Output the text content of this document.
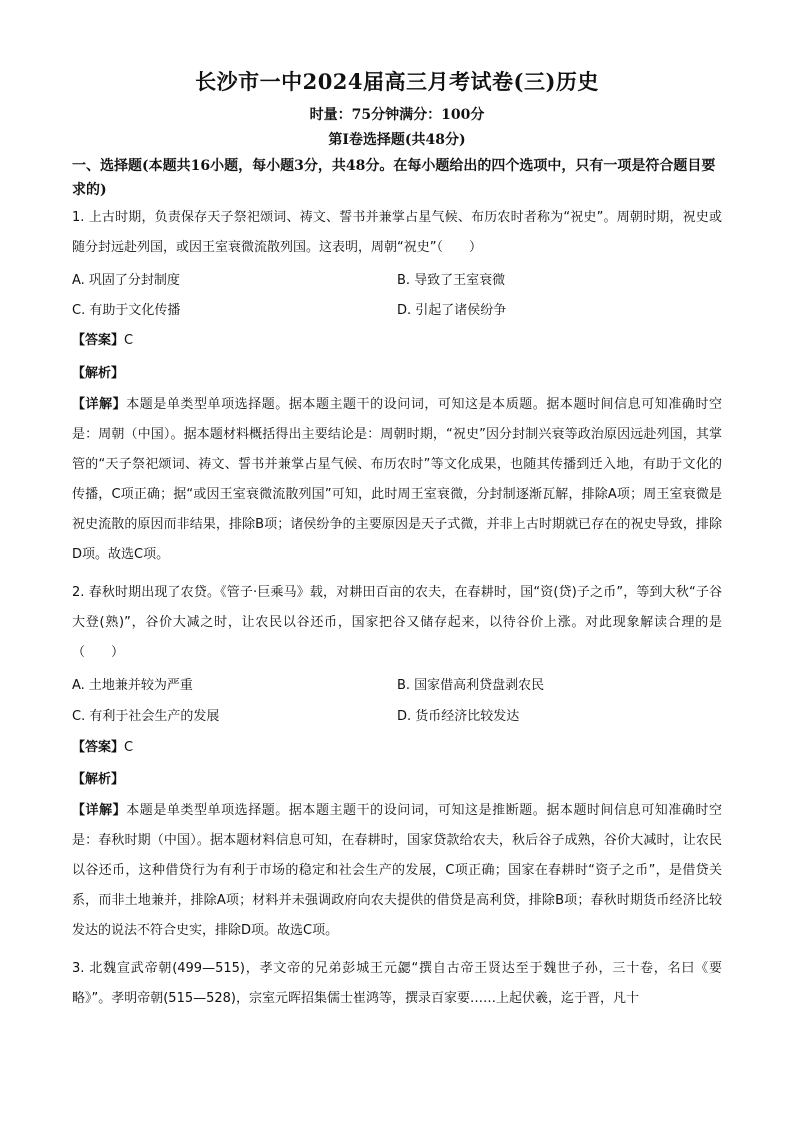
长沙市一中2024届高三月考试卷(三)历史
时量：75分钟满分：100分
第Ⅰ卷选择题(共48分)
一、选择题(本题共16小题，每小题3分，共48分。在每小题给出的四个选项中，只有一项是符合题目要求的)
1. 上古时期，负责保存天子祭祀颂词、祷文、誓书并兼掌占星气候、布历农时者称为“祝史”。周朝时期，祝史或随分封远赴列国，或因王室衰微流散列国。这表明，周朝“祝史”（　　）
A. 巩固了分封制度	B. 导致了王室衰微
C. 有助于文化传播	D. 引起了诸侯纷争
【答案】C
【解析】
【详解】本题是单类型单项选择题。据本题主题干的设问词，可知这是本质题。据本题时间信息可知准确时空是：周朝（中国）。据本题材料概括得出主要结论是：周朝时期，“祝史”因分封制兴衰等政治原因远赴列国，其掌管的“天子祭祀颂词、祷文、誓书并兼掌占星气候、布历农时”等文化成果，也随其传播到迁入地，有助于文化的传播，C项正确；据“或因王室衰微流散列国”可知，此时周王室衰微，分封制逐渐瓦解，排除A项；周王室衰微是祝史流散的原因而非结果，排除B项；诸侯纷争的主要原因是天子式微，并非上古时期就已存在的祝史导致，排除D项。故选C项。
2. 春秋时期出现了农贷。《管子·巨乘马》载，对耕田百亩的农夫，在春耕时，国“资(贷)子之币”，等到大秋“子谷大登(熟)”，谷价大减之时，让农民以谷还币，国家把谷又储存起来，以待谷价上涨。对此现象解读合理的是（　　）
A. 土地兼并较为严重	B. 国家借高利贷盘剥农民
C. 有利于社会生产的发展	D. 货币经济比较发达
【答案】C
【解析】
【详解】本题是单类型单项选择题。据本题主题干的设问词，可知这是推断题。据本题时间信息可知准确时空是：春秋时期（中国）。据本题材料信息可知，在春耕时，国家贷款给农夫，秋后谷子成熟，谷价大减时，让农民以谷还币，这种借贷行为有利于市场的稳定和社会生产的发展，C项正确；国家在春耕时“资子之币”，是借贷关系，而非土地兼并，排除A项；材料并未强调政府向农夫提供的借贷是高利贷，排除B项；春秋时期货币经济比较发达的说法不符合史实，排除D项。故选C项。
3. 北魏宣武帝朝(499—515)，孝文帝的兄弟彭城王元勰“撰自古帝王贤达至于魏世子孙，三十卷，名曰《要略》”。孝明帝朝(515—528)，宗室元晖招集儒士崔鸿等，撰录百家要……上起伏羲，迄于晋，凡十
